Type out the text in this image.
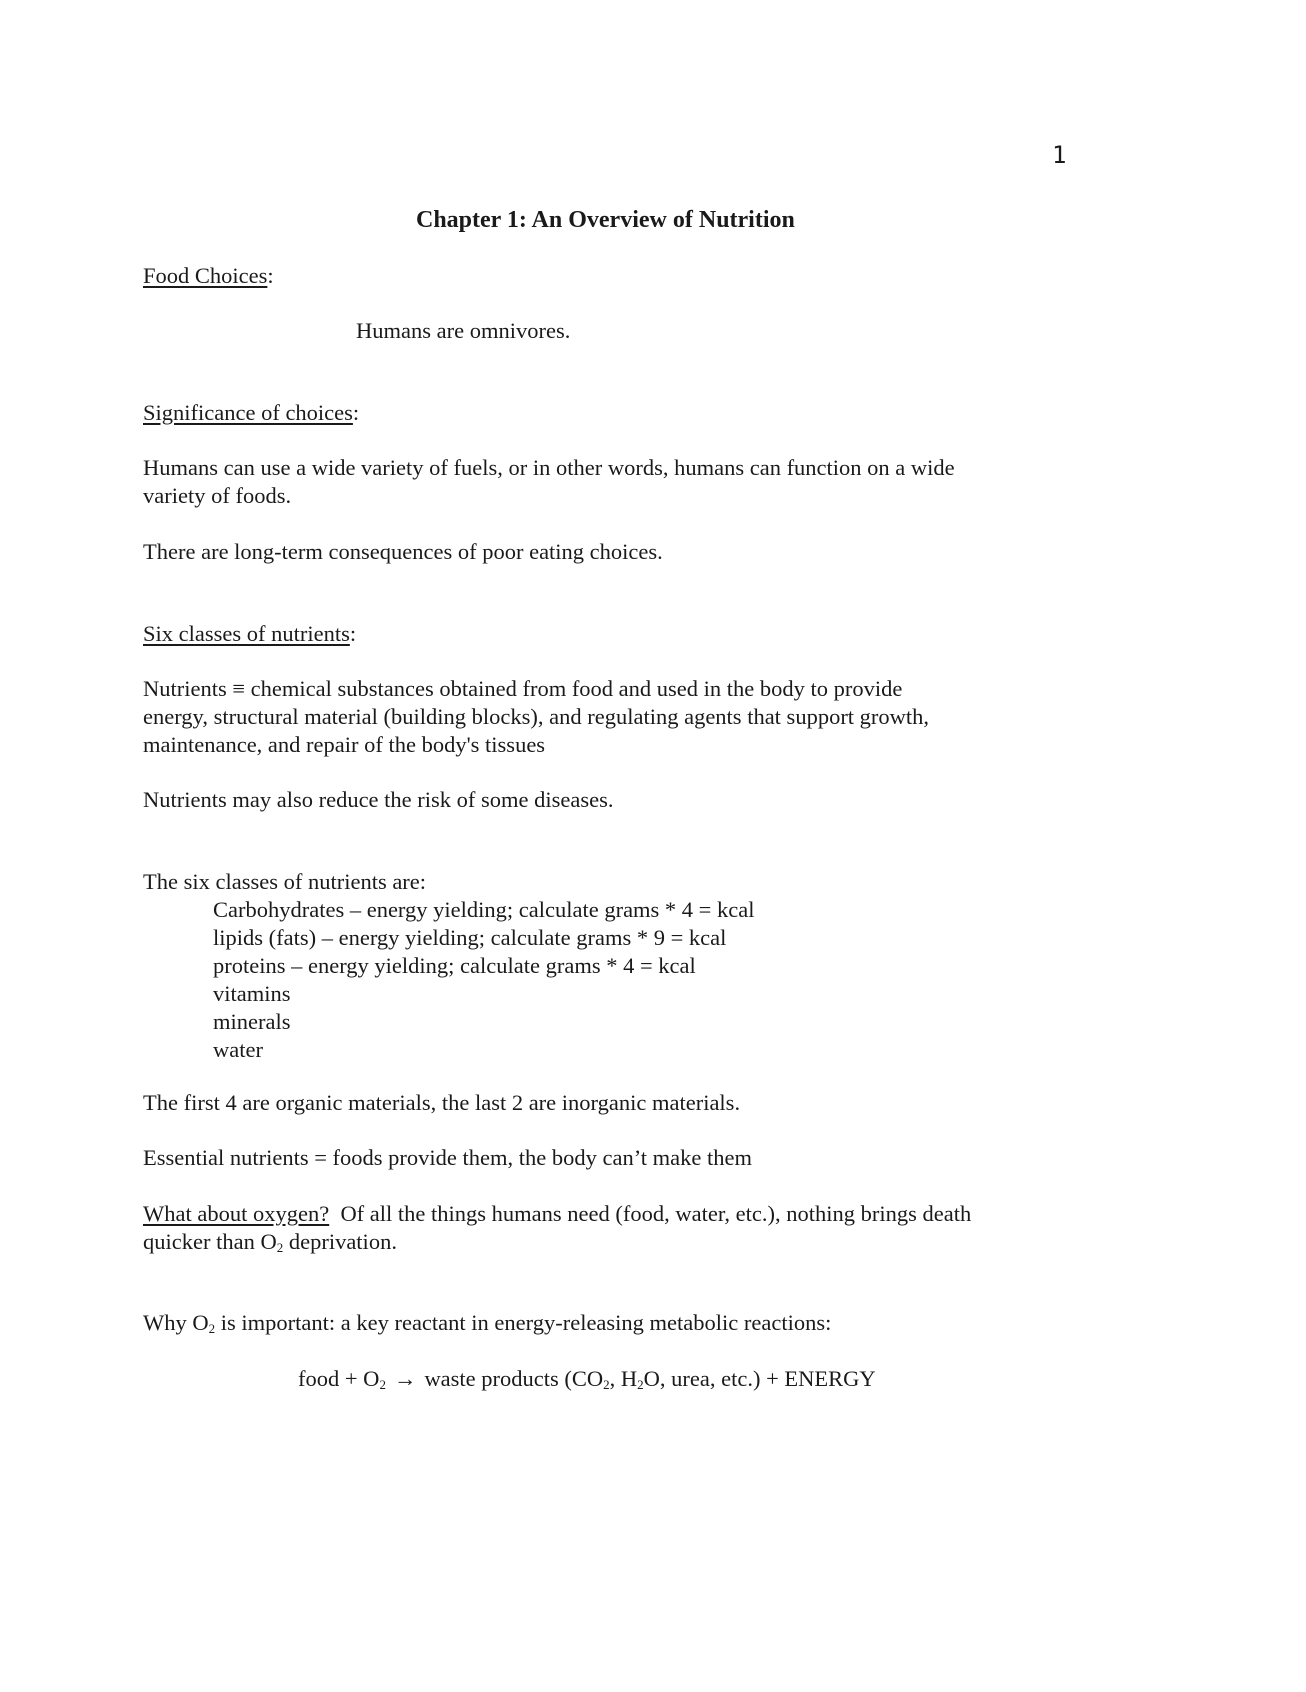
1
Chapter 1: An Overview of Nutrition
Food Choices:
Humans are omnivores.
Significance of choices:
Humans can use a wide variety of fuels, or in other words, humans can function on a wide
variety of foods.
There are long-term consequences of poor eating choices.
Six classes of nutrients:
Nutrients ≡ chemical substances obtained from food and used in the body to provide
energy, structural material (building blocks), and regulating agents that support growth,
maintenance, and repair of the body's tissues
Nutrients may also reduce the risk of some diseases.
The six classes of nutrients are:
Carbohydrates – energy yielding; calculate grams * 4 = kcal
lipids (fats) – energy yielding; calculate grams * 9 = kcal
proteins – energy yielding; calculate grams * 4 = kcal
vitamins
minerals
water
The first 4 are organic materials, the last 2 are inorganic materials.
Essential nutrients = foods provide them, the body can’t make them
What about oxygen? Of all the things humans need (food, water, etc.), nothing brings death
quicker than $O_2$ deprivation.
Why $O_2$ is important: a key reactant in energy-releasing metabolic reactions:
food + $O_2$ → waste products ($CO_2$, $H_2O$, urea, etc.) + ENERGY
